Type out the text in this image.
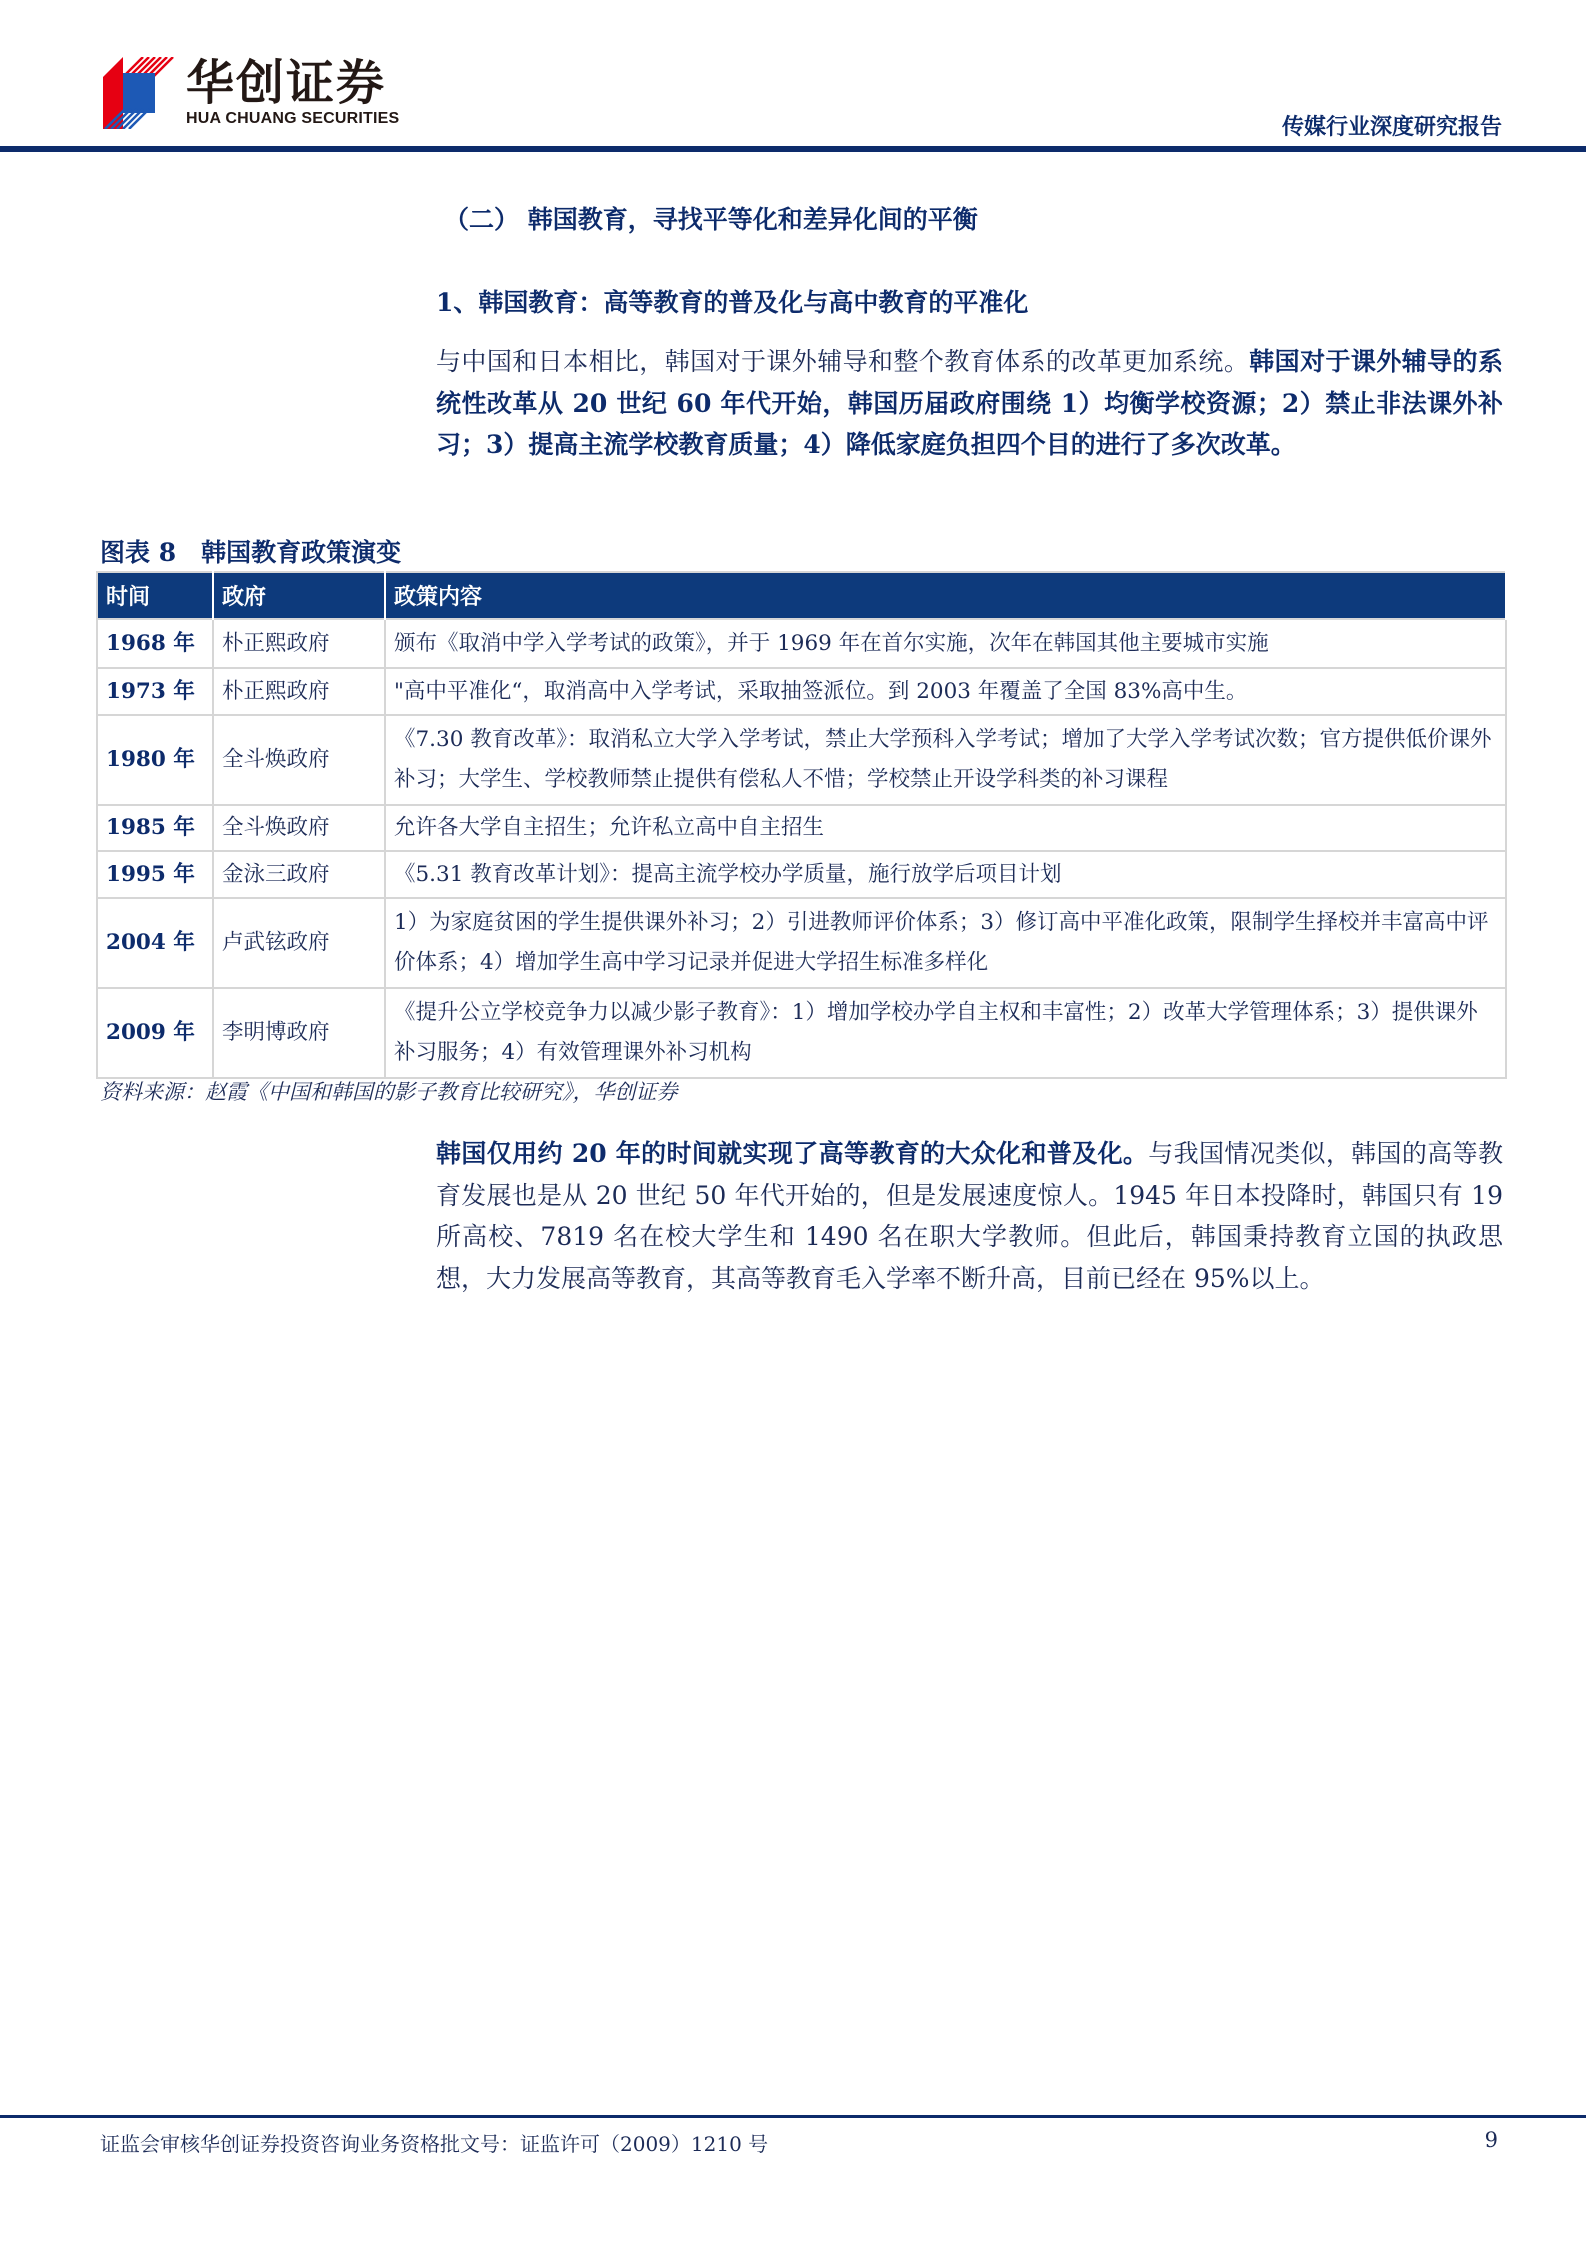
华创证券
HUA CHUANG SECURITIES	传媒行业深度研究报告
（二） 韩国教育，寻找平等化和差异化间的平衡
1、韩国教育：高等教育的普及化与高中教育的平准化
与中国和日本相比，韩国对于课外辅导和整个教育体系的改革更加系统。韩国对于课外辅导的系统性改革从 20 世纪 60 年代开始，韩国历届政府围绕 1）均衡学校资源；2）禁止非法课外补习；3）提高主流学校教育质量；4）降低家庭负担四个目的进行了多次改革。
图表 8　韩国教育政策演变
时间	政府	政策内容
1968 年	朴正熙政府	颁布《取消中学入学考试的政策》，并于 1969 年在首尔实施，次年在韩国其他主要城市实施
1973 年	朴正熙政府	"高中平准化“，取消高中入学考试，采取抽签派位。到 2003 年覆盖了全国 83%高中生。
1980 年	全斗焕政府	《7.30 教育改革》：取消私立大学入学考试，禁止大学预科入学考试；增加了大学入学考试次数；官方提供低价课外补习；大学生、学校教师禁止提供有偿私人不惜；学校禁止开设学科类的补习课程
1985 年	全斗焕政府	允许各大学自主招生；允许私立高中自主招生
1995 年	金泳三政府	《5.31 教育改革计划》：提高主流学校办学质量，施行放学后项目计划
2004 年	卢武铉政府	1）为家庭贫困的学生提供课外补习；2）引进教师评价体系；3）修订高中平准化政策，限制学生择校并丰富高中评价体系；4）增加学生高中学习记录并促进大学招生标准多样化
2009 年	李明博政府	《提升公立学校竞争力以减少影子教育》：1）增加学校办学自主权和丰富性；2）改革大学管理体系；3）提供课外补习服务；4）有效管理课外补习机构
资料来源：赵霞《中国和韩国的影子教育比较研究》，华创证券
韩国仅用约 20 年的时间就实现了高等教育的大众化和普及化。与我国情况类似，韩国的高等教育发展也是从 20 世纪 50 年代开始的，但是发展速度惊人。1945 年日本投降时，韩国只有 19 所高校、7819 名在校大学生和 1490 名在职大学教师。但此后，韩国秉持教育立国的执政思想，大力发展高等教育，其高等教育毛入学率不断升高，目前已经在 95%以上。
证监会审核华创证券投资咨询业务资格批文号：证监许可（2009）1210 号	9
